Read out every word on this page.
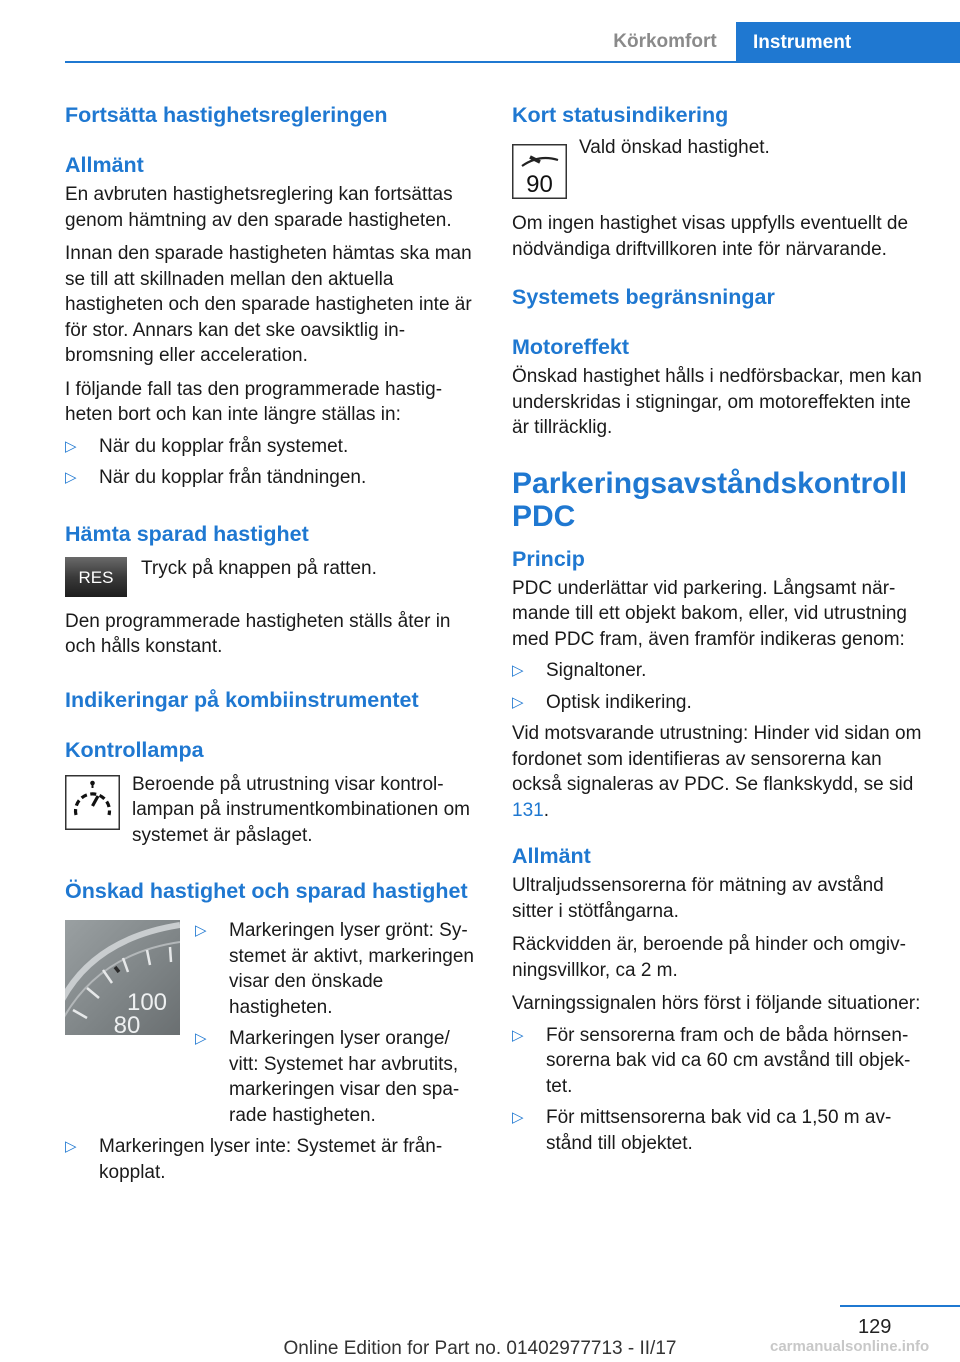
Körkomfort	Instrument
Fortsätta hastighetsregleringen
Allmänt

En avbruten hastighetsreglering kan fortsättas genom hämtning av den sparade hastigheten.

Innan den sparade hastigheten hämtas ska man se till att skillnaden mellan den aktuella hastigheten och den sparade hastigheten inte är för stor. Annars kan det ske oavsiktlig inbromsning eller acceleration.

I följande fall tas den programmerade hastigheten bort och kan inte längre ställas in:

▷ När du kopplar från systemet.
▷ När du kopplar från tändningen.
Hämta sparad hastighet
RES Tryck på knappen på ratten.

Den programmerade hastigheten ställs åter in och hålls konstant.

Indikeringar på kombiinstrumentet
Kontrollampa

Beroende på utrustning visar kontrollampan på instrumentkombinationen om systemet är påslaget.

Önskad hastighet och sparad hastighet
100
80
▷ Markeringen lyser grönt: Systemet är aktivt, markeringen visar den önskade hastigheten.
▷ Markeringen lyser orange/ vitt: Systemet har avbrutits, markeringen visar den sparade hastigheten.
▷ Markeringen lyser inte: Systemet är frånkopplat.
Kort statusindikering
90

Vald önskad hastighet.

Om ingen hastighet visas uppfylls eventuellt de nödvändiga driftvillkoren inte för närvarande.

Systemets begränsningar
Motoreffekt

Önskad hastighet hålls i nedförsbackar, men kan underskridas i stigningar, om motoreffekten inte är tillräcklig.

Parkeringsavståndskontroll PDC
Princip

PDC underlättar vid parkering. Långsamt närmande till ett objekt bakom, eller, vid utrustning med PDC fram, även framför indikeras genom:

▷ Signaltoner.
▷ Optisk indikering.

Vid motsvarande utrustning: Hinder vid sidan om fordonet som identifieras av sensorerna kan också signaleras av PDC. Se flankskydd, se sid 131.

Allmänt

Ultraljudssensorerna för mätning av avstånd sitter i stötfångarna.

Räckvidden är, beroende på hinder och omgivningsvillkor, ca 2 m.

Varningssignalen hörs först i följande situationer:

▷ För sensorerna fram och de båda hörnsensorerna bak vid ca 60 cm avstånd till objektet.
▷ För mittsensorerna bak vid ca 1,50 m avstånd till objektet.
129
Online Edition for Part no. 01402977713 - II/17	carmanualsonline.info
